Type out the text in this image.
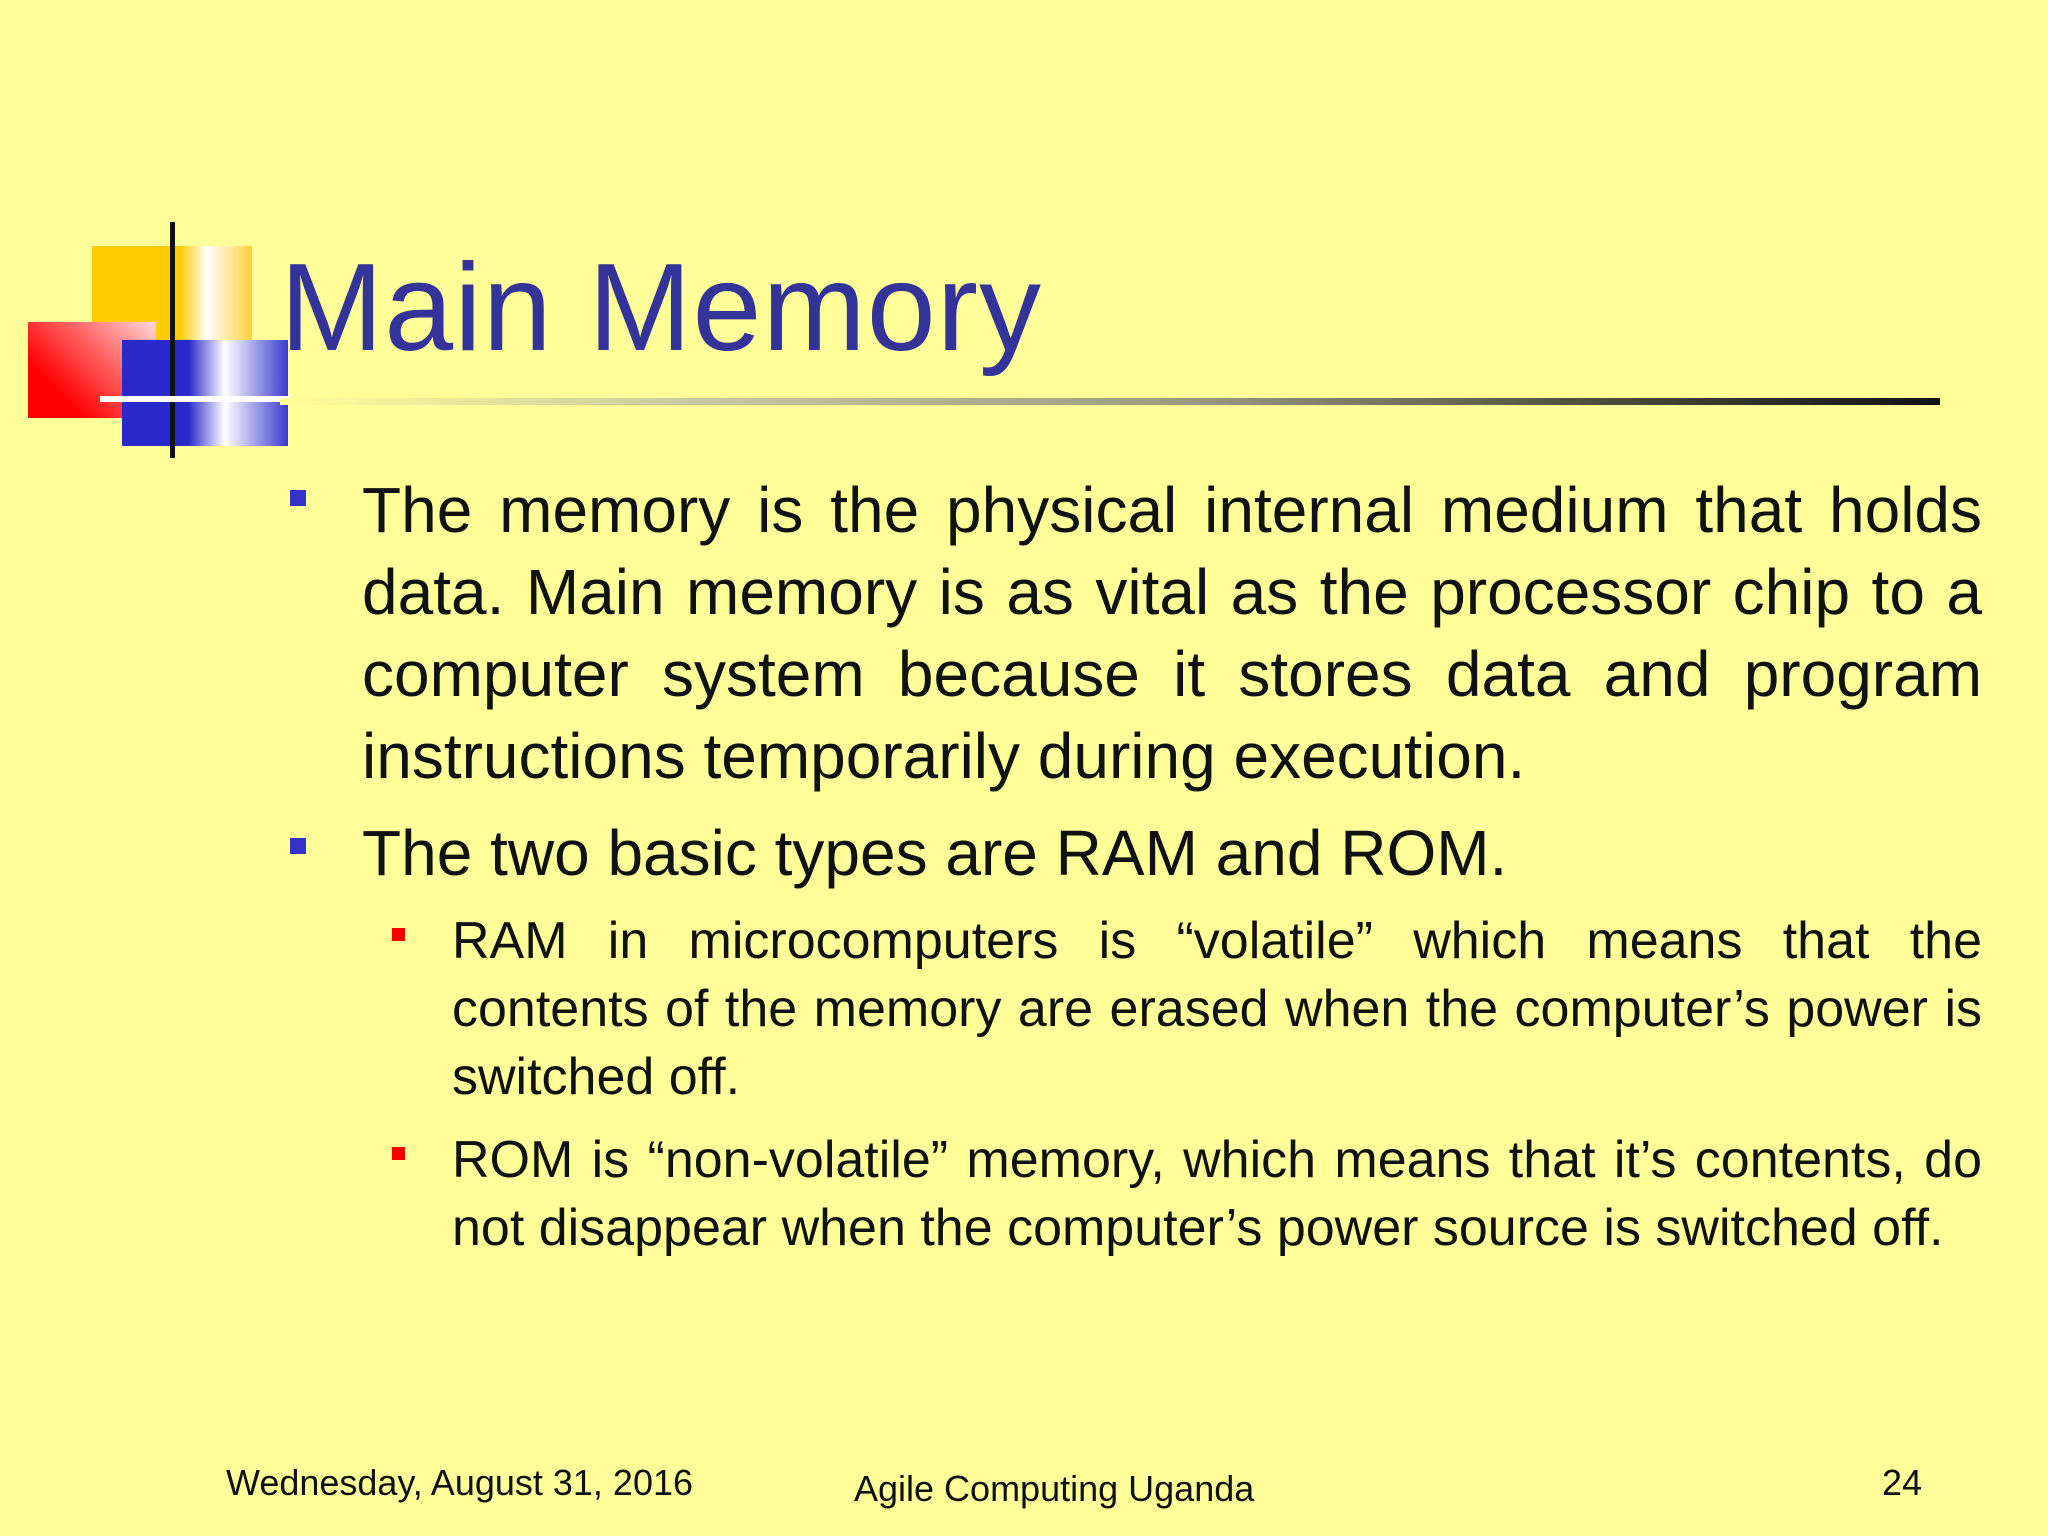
Main Memory

The memory is the physical internal medium that holds data. Main memory is as vital as the processor chip to a computer system because it stores data and program instructions temporarily during execution.

The two basic types are RAM and ROM.

RAM in microcomputers is “volatile” which means that the contents of the memory are erased when the computer’s power is switched off.

ROM is “non-volatile” memory, which means that it’s contents, do not disappear when the computer’s power source is switched off.

Wednesday, August 31, 2016	Agile Computing Uganda	24
